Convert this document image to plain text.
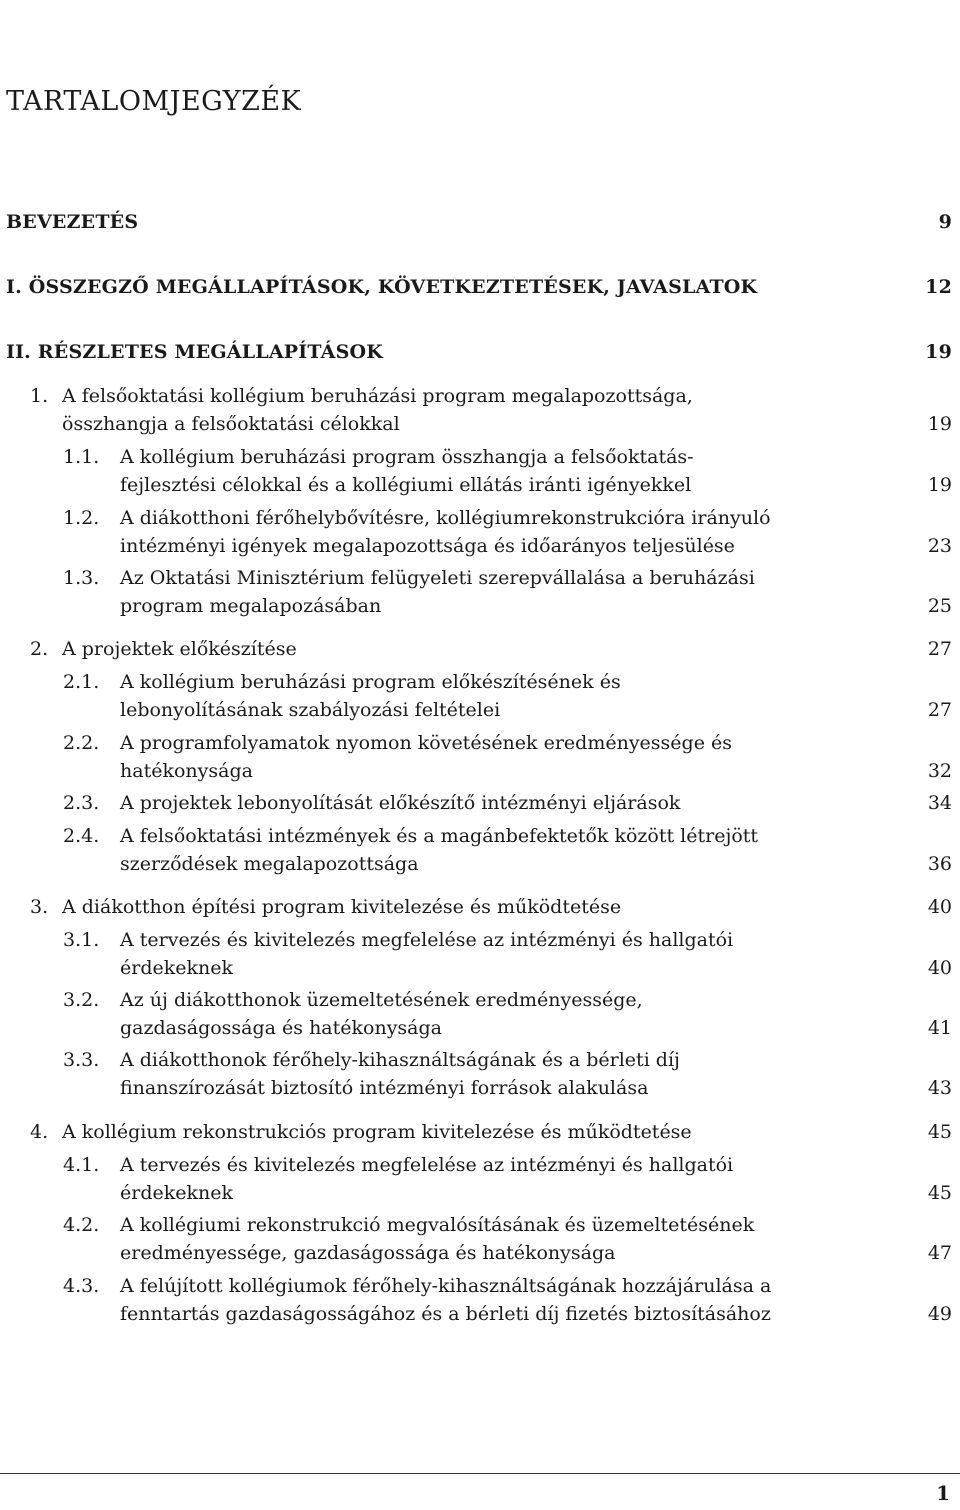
TARTALOMJEGYZÉK
BEVEZETÉS	9
I. ÖSSZEGZŐ MEGÁLLAPÍTÁSOK, KÖVETKEZTETÉSEK, JAVASLATOK	12
II. RÉSZLETES MEGÁLLAPÍTÁSOK	19
1. A felsőoktatási kollégium beruházási program megalapozottsága,
összhangja a felsőoktatási célokkal	19
1.1. A kollégium beruházási program összhangja a felsőoktatás-
fejlesztési célokkal és a kollégiumi ellátás iránti igényekkel	19
1.2. A diákotthoni férőhelybővítésre, kollégiumrekonstrukcióra irányuló
intézményi igények megalapozottsága és időarányos teljesülése	23
1.3. Az Oktatási Minisztérium felügyeleti szerepvállalása a beruházási
program megalapozásában	25
2. A projektek előkészítése	27
2.1. A kollégium beruházási program előkészítésének és
lebonyolításának szabályozási feltételei	27
2.2. A programfolyamatok nyomon követésének eredményessége és
hatékonysága	32
2.3. A projektek lebonyolítását előkészítő intézményi eljárások	34
2.4. A felsőoktatási intézmények és a magánbefektetők között létrejött
szerződések megalapozottsága	36
3. A diákotthon építési program kivitelezése és működtetése	40
3.1. A tervezés és kivitelezés megfelelése az intézményi és hallgatói
érdekeknek	40
3.2. Az új diákotthonok üzemeltetésének eredményessége,
gazdaságossága és hatékonysága	41
3.3. A diákotthonok férőhely-kihasználtságának és a bérleti díj
finanszírozását biztosító intézményi források alakulása	43
4. A kollégium rekonstrukciós program kivitelezése és működtetése	45
4.1. A tervezés és kivitelezés megfelelése az intézményi és hallgatói
érdekeknek	45
4.2. A kollégiumi rekonstrukció megvalósításának és üzemeltetésének
eredményessége, gazdaságossága és hatékonysága	47
4.3. A felújított kollégiumok férőhely-kihasználtságának hozzájárulása a
fenntartás gazdaságosságához és a bérleti díj fizetés biztosításához	49
1
